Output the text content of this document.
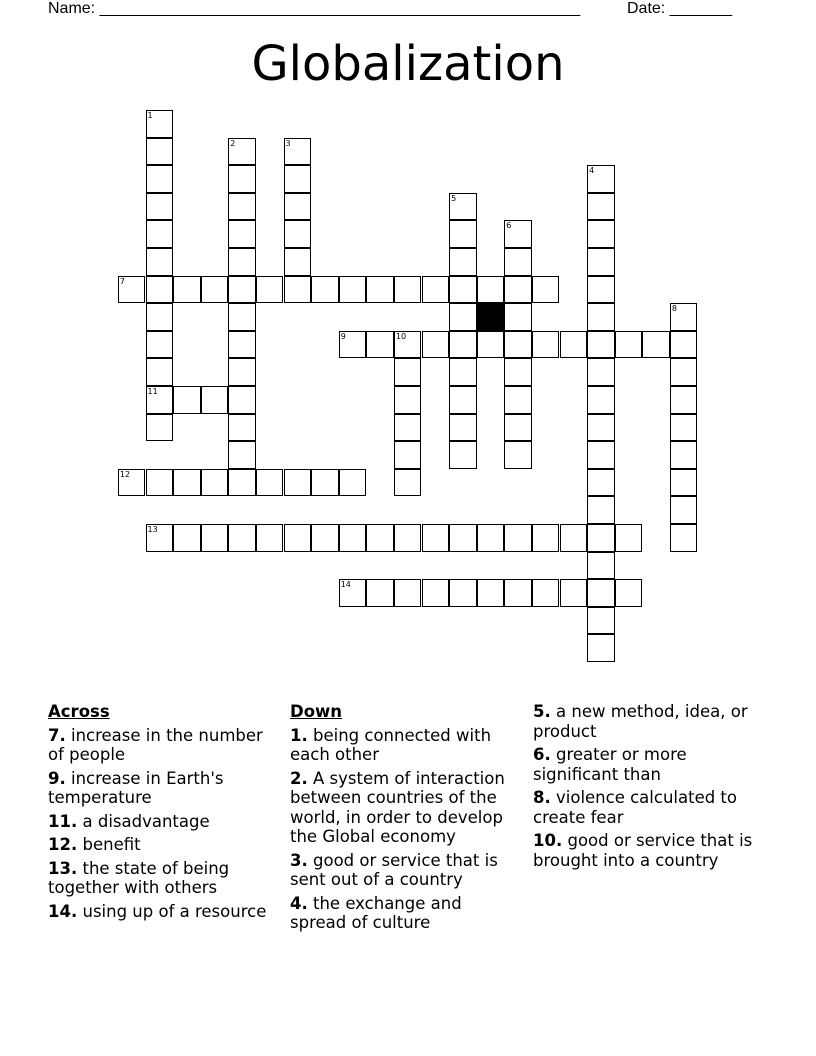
Name: ______________________________________________________	Date: _______
Globalization
1
11
2	3
4
5
6
7
8
9	10
12
13
14
Across
7. increase in the number of people
9. increase in Earth's temperature
11. a disadvantage
12. benefit
13. the state of being together with others
14. using up of a resource
Down
1. being connected with each other
2. A system of interaction between countries of the world, in order to develop the Global economy
3. good or service that is sent out of a country
4. the exchange and spread of culture
5. a new method, idea, or product
6. greater or more significant than
8. violence calculated to create fear
10. good or service that is brought into a country
